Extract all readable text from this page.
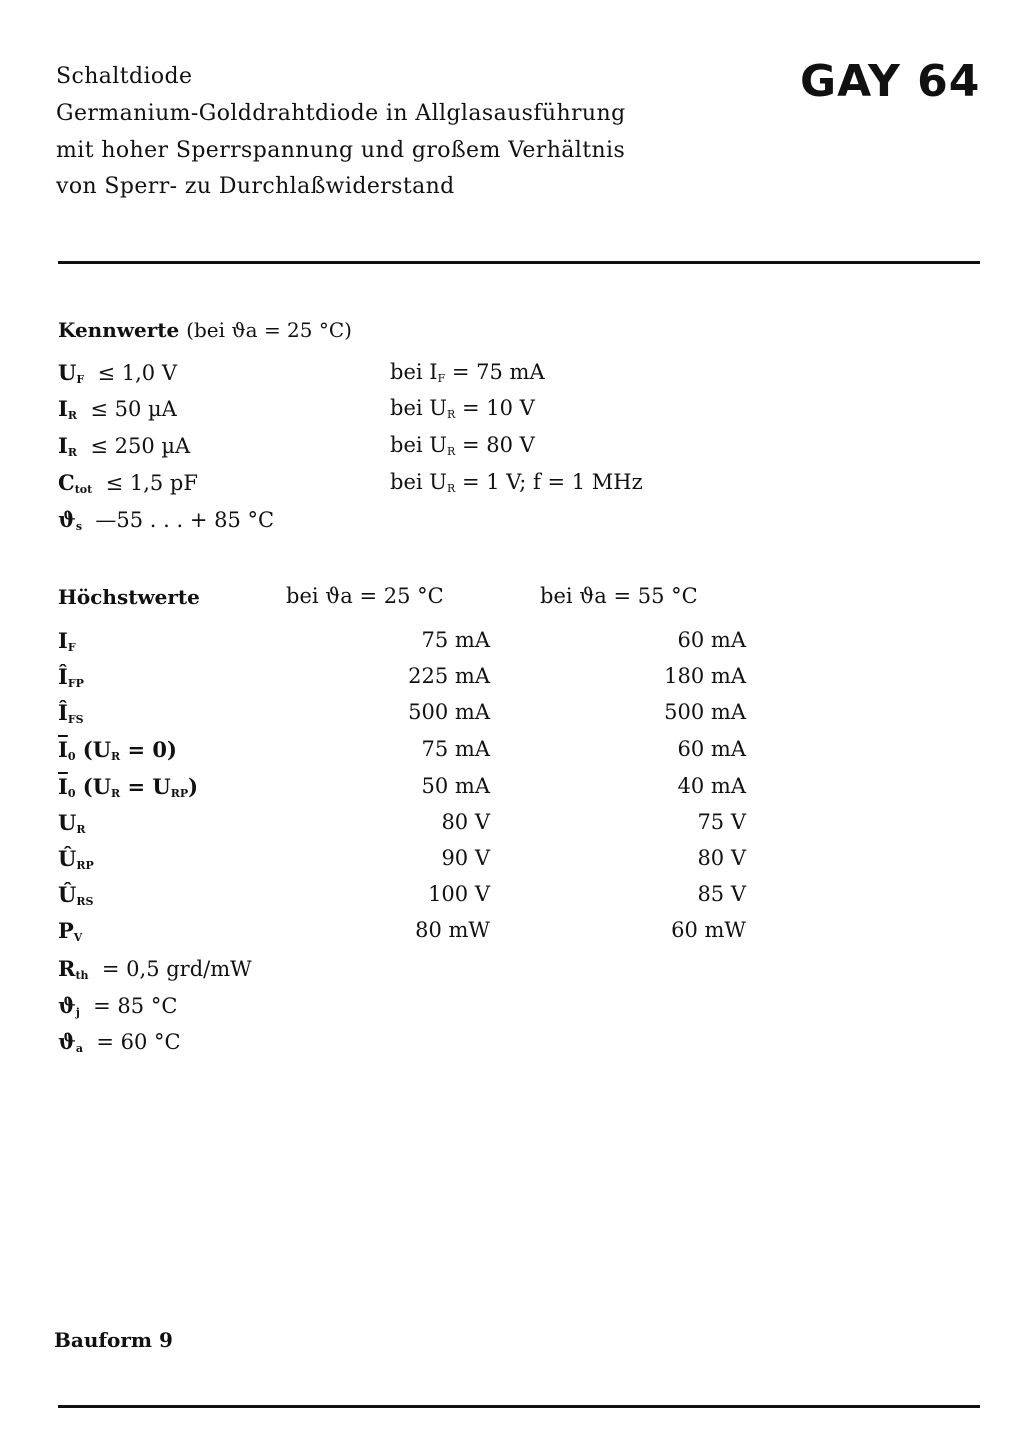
Schaltdiode
Germanium-Golddrahtdiode in Allglasausführung
mit hoher Sperrspannung und großem Verhältnis
von Sperr- zu Durchlaßwiderstand
GAY 64
Kennwerte (bei ϑa = 25 °C)
$U_F \le 1,0$ V	bei $I_F = 75$ mA
$I_R \le 50$ µA	bei $U_R = 10$ V
$I_R \le 250$ µA	bei $U_R = 80$ V
$C_{tot} \le 1,5$ pF	bei $U_R = 1$ V; f = 1 MHz
$ϑ_s$  —55 . . . + 85 °C
Höchstwerte	bei ϑa = 25 °C	bei ϑa = 55 °C
$I_F$	75 mA	60 mA
$Î_{FP}$	225 mA	180 mA
$Î_{FS}$	500 mA	500 mA
$\overline{I}_0$ $(U_R = 0)$	75 mA	60 mA
$\overline{I}_0$ $(U_R = U_{RP})$	50 mA	40 mA
$U_R$	80 V	75 V
$Û_{RP}$	90 V	80 V
$Û_{RS}$	100 V	85 V
$P_V$	80 mW	60 mW
$R_{th} = 0,5$ grd/mW
$ϑ_j = 85$ °C
$ϑ_a = 60$ °C
Bauform 9
